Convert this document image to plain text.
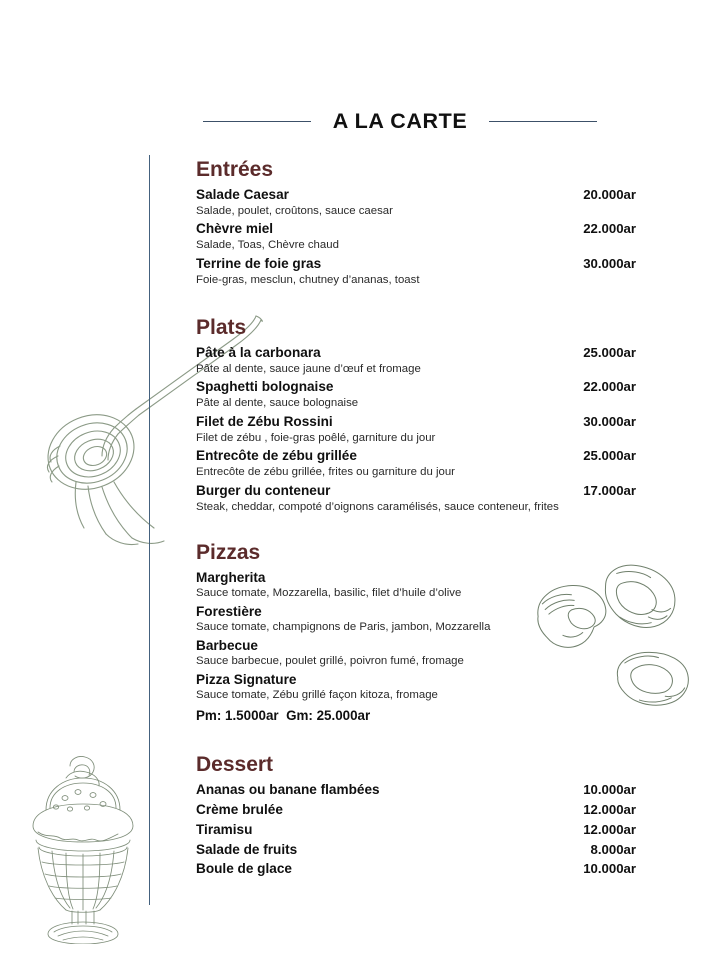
A LA CARTE
Entrées
Salade Caesar	20.000ar
Salade, poulet, croûtons, sauce caesar
Chèvre miel	22.000ar
Salade, Toas, Chèvre chaud
Terrine de foie gras	30.000ar
Foie-gras, mesclun, chutney d’ananas, toast
Plats
Pâte à la carbonara	25.000ar
Pâte al dente, sauce jaune d’œuf et fromage
Spaghetti bolognaise	22.000ar
Pâte al dente, sauce bolognaise
Filet de Zébu Rossini	30.000ar
Filet de zébu , foie-gras poêlé, garniture du jour
Entrecôte de zébu grillée	25.000ar
Entrecôte de zébu grillée, frites ou garniture du jour
Burger du conteneur	17.000ar
Steak, cheddar, compoté d’oignons caramélisés, sauce conteneur, frites
Pizzas
Margherita
Sauce tomate, Mozzarella, basilic, filet d’huile d’olive
Forestière
Sauce tomate, champignons de Paris, jambon, Mozzarella
Barbecue
Sauce barbecue, poulet grillé, poivron fumé, fromage
Pizza Signature
Sauce tomate, Zébu grillé façon kitoza, fromage
Pm: 1.5000ar  Gm: 25.000ar
Dessert
Ananas ou banane flambées	10.000ar
Crème brulée	12.000ar
Tiramisu	12.000ar
Salade de fruits	8.000ar
Boule de glace	10.000ar
